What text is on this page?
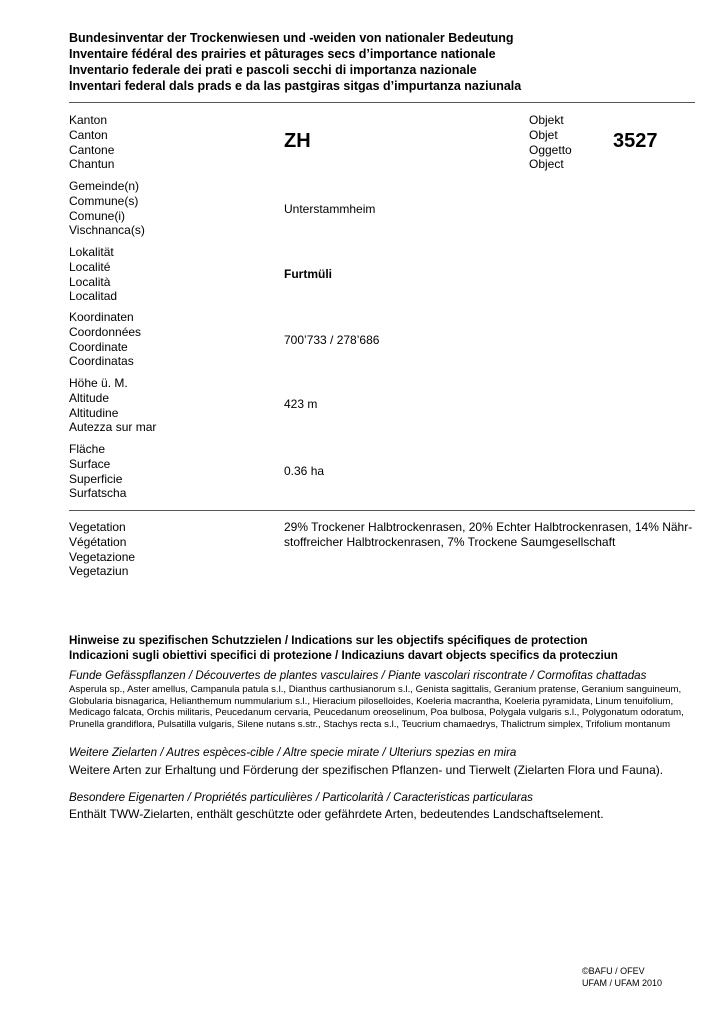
Bundesinventar der Trockenwiesen und -weiden von nationaler Bedeutung
Inventaire fédéral des prairies et pâturages secs d’importance nationale
Inventario federale dei prati e pascoli secchi di importanza nazionale
Inventari federal dals prads e da las pastgiras sitgas d’impurtanza naziunala
Kanton
Canton
Cantone
Chantun
ZH
Objekt
Objet
Oggetto
Object
3527
Gemeinde(n)
Commune(s)
Comune(i)
Vischnanca(s)
Unterstammheim
Lokalität
Localité
Località
Localitad
Furtmüli
Koordinaten
Coordonnées
Coordinate
Coordinatas
700’733 / 278’686
Höhe ü. M.
Altitude
Altitudine
Autezza sur mar
423 m
Fläche
Surface
Superficie
Surfatscha
0.36 ha
Vegetation
Végétation
Vegetazione
Vegetaziun
29% Trockener Halbtrockenrasen, 20% Echter Halbtrockenrasen, 14% Nähr-
stoffreicher Halbtrockenrasen, 7% Trockene Saumgesellschaft
Hinweise zu spezifischen Schutzzielen / Indications sur les objectifs spécifiques de protection
Indicazioni sugli obiettivi specifici di protezione / Indicaziuns davart objects specifics da protecziun
Funde Gefässpflanzen / Découvertes de plantes vasculaires / Piante vascolari riscontrate / Cormofitas chattadas
Asperula sp., Aster amellus, Campanula patula s.l., Dianthus carthusianorum s.l., Genista sagittalis, Geranium pratense, Geranium sanguineum,
Globularia bisnagarica, Helianthemum nummularium s.l., Hieracium piloselloides, Koeleria macrantha, Koeleria pyramidata, Linum tenuifolium,
Medicago falcata, Orchis militaris, Peucedanum cervaria, Peucedanum oreoselinum, Poa bulbosa, Polygala vulgaris s.l., Polygonatum odoratum,
Prunella grandiflora, Pulsatilla vulgaris, Silene nutans s.str., Stachys recta s.l., Teucrium chamaedrys, Thalictrum simplex, Trifolium montanum
Weitere Zielarten / Autres espèces-cible / Altre specie mirate / Ulteriurs spezias en mira
Weitere Arten zur Erhaltung und Förderung der spezifischen Pflanzen- und Tierwelt (Zielarten Flora und Fauna).
Besondere Eigenarten / Propriétés particulières / Particolarità / Caracteristicas particularas
Enthält TWW-Zielarten, enthält geschützte oder gefährdete Arten, bedeutendes Landschaftselement.
©BAFU / OFEV
UFAM / UFAM 2010
